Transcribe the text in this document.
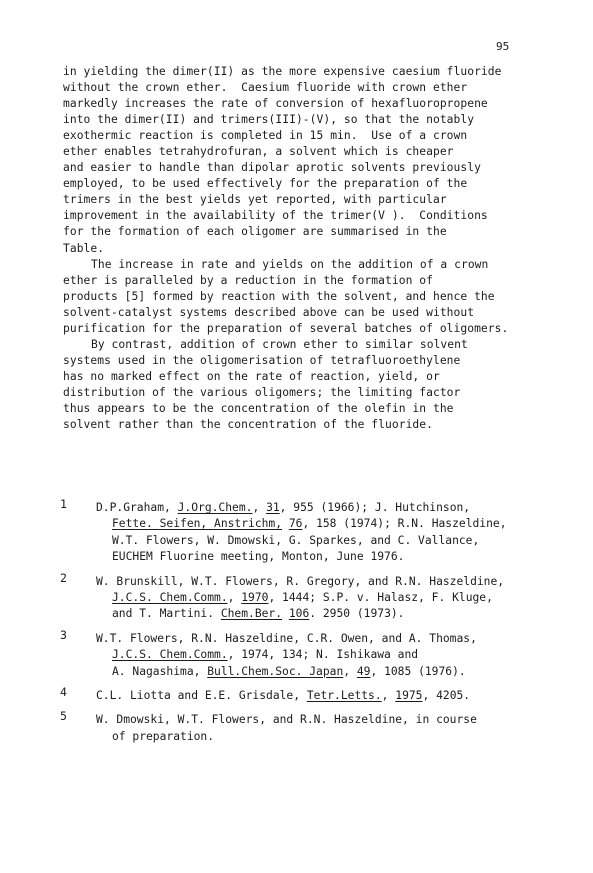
95
in yielding the dimer(II) as the more expensive caesium fluoride
without the crown ether.  Caesium fluoride with crown ether
markedly increases the rate of conversion of hexafluoropropene
into the dimer(II) and trimers(III)-(V), so that the notably
exothermic reaction is completed in 15 min.  Use of a crown
ether enables tetrahydrofuran, a solvent which is cheaper
and easier to handle than dipolar aprotic solvents previously
employed, to be used effectively for the preparation of the
trimers in the best yields yet reported, with particular
improvement in the availability of the trimer(V ).  Conditions
for the formation of each oligomer are summarised in the
Table.
The increase in rate and yields on the addition of a crown
ether is paralleled by a reduction in the formation of
products [5] formed by reaction with the solvent, and hence the
solvent-catalyst systems described above can be used without
purification for the preparation of several batches of oligomers.
By contrast, addition of crown ether to similar solvent
systems used in the oligomerisation of tetrafluoroethylene
has no marked effect on the rate of reaction, yield, or
distribution of the various oligomers; the limiting factor
thus appears to be the concentration of the olefin in the
solvent rather than the concentration of the fluoride.
1	D.P.Graham, J.Org.Chem., 31, 955 (1966); J. Hutchinson,
Fette. Seifen, Anstrichm, 76, 158 (1974); R.N. Haszeldine,
W.T. Flowers, W. Dmowski, G. Sparkes, and C. Vallance,
EUCHEM Fluorine meeting, Monton, June 1976.
2	W. Brunskill, W.T. Flowers, R. Gregory, and R.N. Haszeldine,
J.C.S. Chem.Comm., 1970, 1444; S.P. v. Halasz, F. Kluge,
and T. Martini. Chem.Ber. 106. 2950 (1973).
3	W.T. Flowers, R.N. Haszeldine, C.R. Owen, and A. Thomas,
J.C.S. Chem.Comm., 1974, 134; N. Ishikawa and
A. Nagashima, Bull.Chem.Soc. Japan, 49, 1085 (1976).
4	C.L. Liotta and E.E. Grisdale, Tetr.Letts., 1975, 4205.
5	W. Dmowski, W.T. Flowers, and R.N. Haszeldine, in course
of preparation.
